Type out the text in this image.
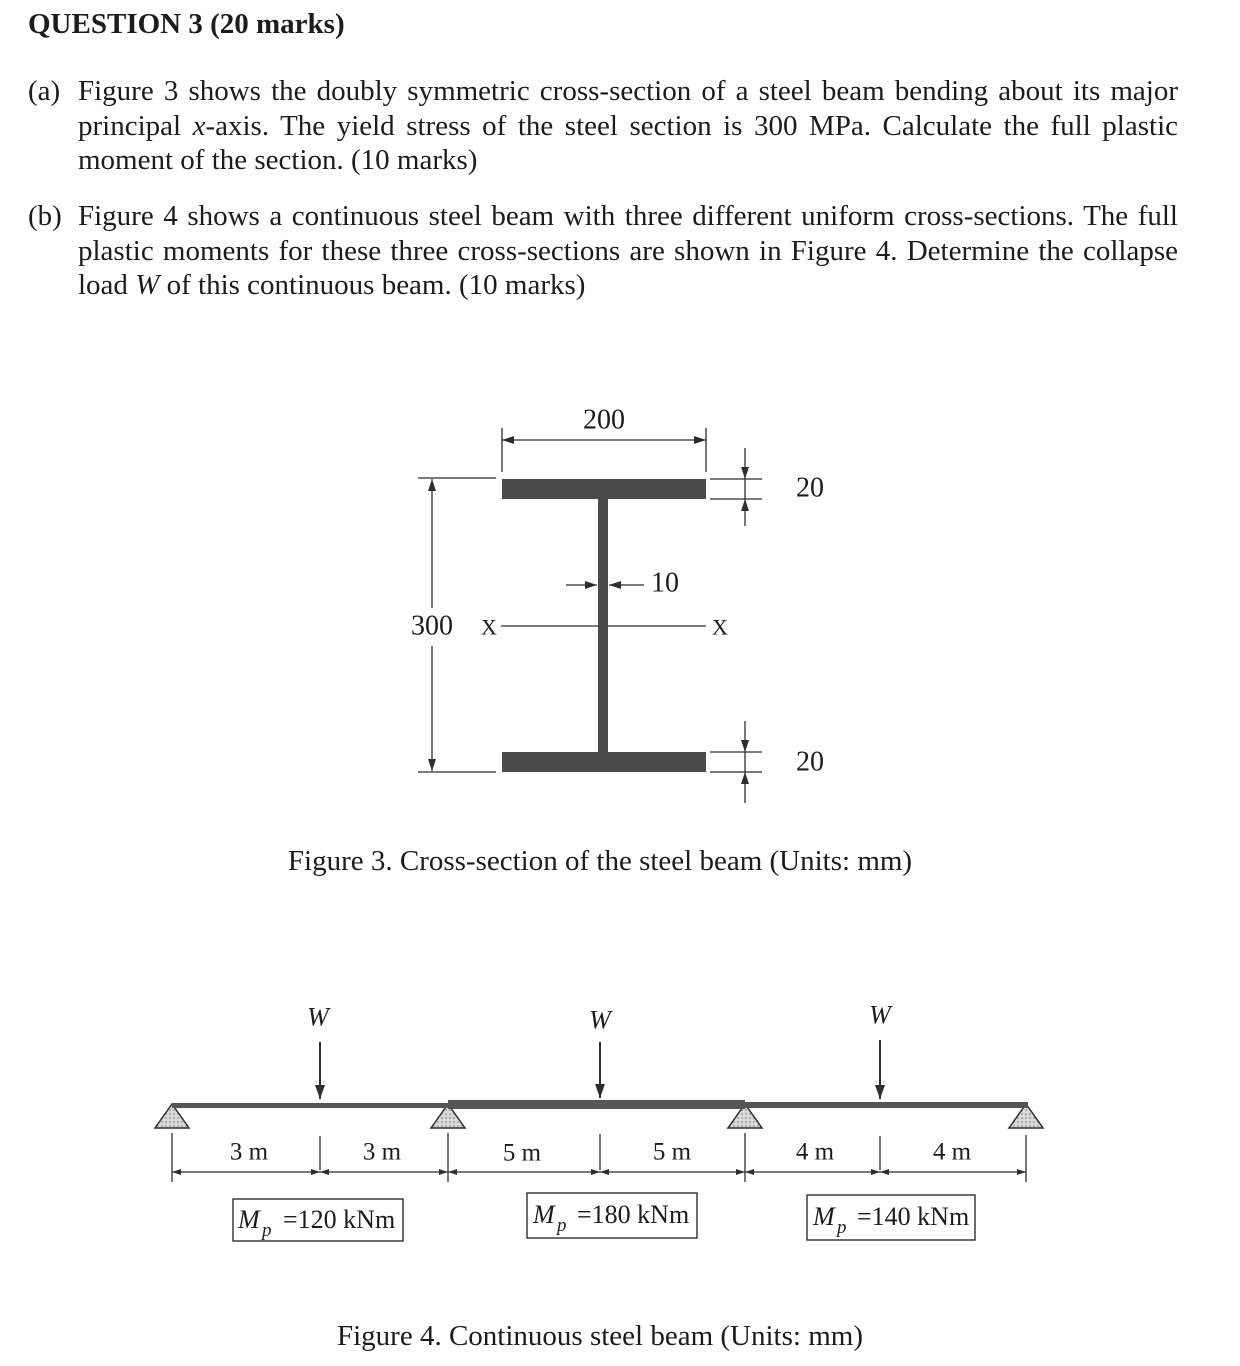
QUESTION 3 (20 marks)
(a) Figure 3 shows the doubly symmetric cross-section of a steel beam bending about its major
principal x-axis. The yield stress of the steel section is 300 MPa. Calculate the full plastic
moment of the section. (10 marks)
(b) Figure 4 shows a continuous steel beam with three different uniform cross-sections. The full
plastic moments for these three cross-sections are shown in Figure 4. Determine the collapse
load W of this continuous beam. (10 marks)
200
300 X	X
10
20
20
Figure 3. Cross-section of the steel beam (Units: mm)
W	W	W
3 m	3 m	5 m	5 m	4 m	4 m
M p =120 kNm	M p =180 kNm	M p =140 kNm
Figure 4. Continuous steel beam (Units: mm)
